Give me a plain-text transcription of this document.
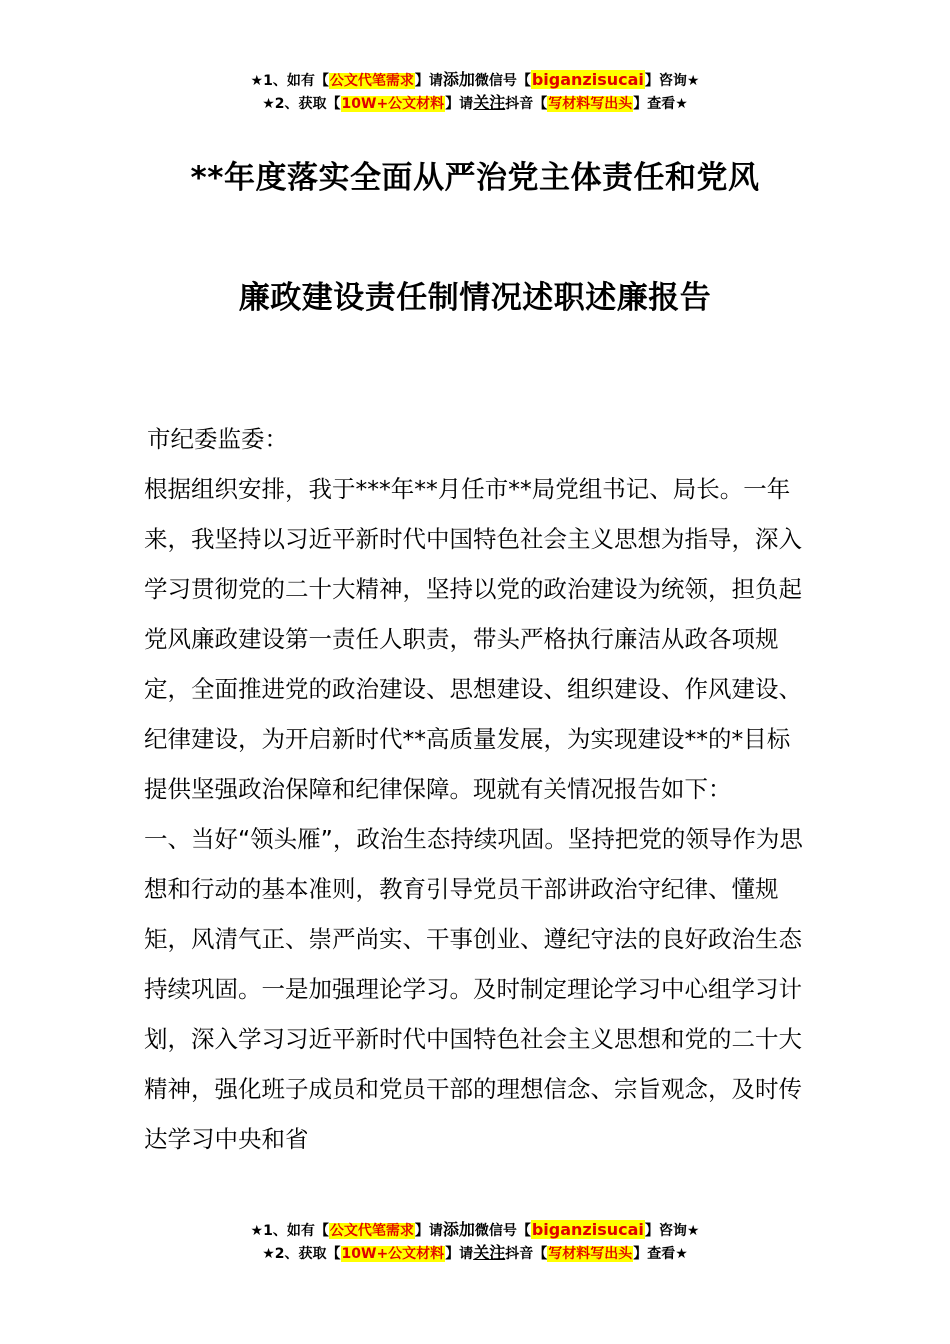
★1、如有【公文代笔需求】请添加微信号【biganzisucai】咨询★
★2、获取【10W+公文材料】请关注抖音【写材料写出头】查看★
**年度落实全面从严治党主体责任和党风
廉政建设责任制情况述职述廉报告

市纪委监委：

根据组织安排，我于***年**月任市**局党组书记、局长。一年来，我坚持以习近平新时代中国特色社会主义思想为指导，深入学习贯彻党的二十大精神，坚持以党的政治建设为统领，担负起党风廉政建设第一责任人职责，带头严格执行廉洁从政各项规定，全面推进党的政治建设、思想建设、组织建设、作风建设、纪律建设，为开启新时代**高质量发展，为实现建设**的*目标提供坚强政治保障和纪律保障。现就有关情况报告如下：

一、当好“领头雁”，政治生态持续巩固。坚持把党的领导作为思想和行动的基本准则，教育引导党员干部讲政治守纪律、懂规矩，风清气正、崇严尚实、干事创业、遵纪守法的良好政治生态持续巩固。一是加强理论学习。及时制定理论学习中心组学习计划，深入学习习近平新时代中国特色社会主义思想和党的二十大精神，强化班子成员和党员干部的理想信念、宗旨观念，及时传达学习中央和省

★1、如有【公文代笔需求】请添加微信号【biganzisucai】咨询★
★2、获取【10W+公文材料】请关注抖音【写材料写出头】查看★
